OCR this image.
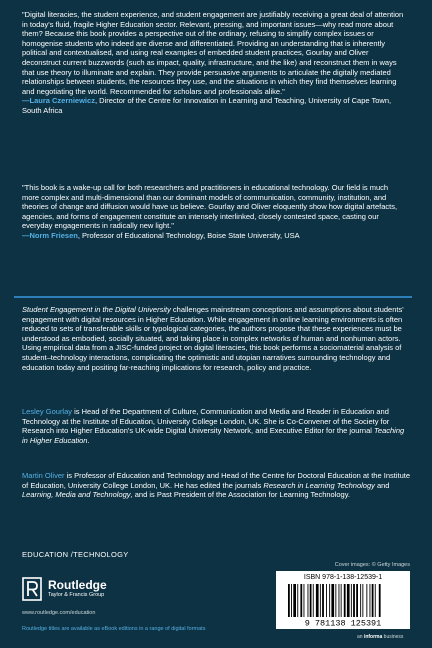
"Digital literacies, the student experience, and student engagement are justifiably receiving a great deal of attention in today's fluid, fragile Higher Education sector. Relevant, pressing, and important issues—why read more about them? Because this book provides a perspective out of the ordinary, refusing to simplify complex issues or homogenise students who indeed are diverse and differentiated. Providing an understanding that is inherently political and contextualised, and using real examples of embedded student practices, Gourlay and Oliver deconstruct current buzzwords (such as impact, quality, infrastructure, and the like) and reconstruct them in ways that use theory to illuminate and explain. They provide persuasive arguments to articulate the digitally mediated relationships between students, the resources they use, and the situations in which they find themselves learning and negotiating the world. Recommended for scholars and professionals alike."
—Laura Czerniewicz, Director of the Centre for Innovation in Learning and Teaching, University of Cape Town, South Africa

"This book is a wake-up call for both researchers and practitioners in educational technology. Our field is much more complex and multi-dimensional than our dominant models of communication, community, institution, and theories of change and diffusion would have us believe. Gourlay and Oliver eloquently show how digital artefacts, agencies, and forms of engagement constitute an intensely interlinked, closely contested space, casting our everyday engagements in radically new light."
—Norm Friesen, Professor of Educational Technology, Boise State University, USA

Student Engagement in the Digital University challenges mainstream conceptions and assumptions about students' engagement with digital resources in Higher Education. While engagement in online learning environments is often reduced to sets of transferable skills or typological categories, the authors propose that these experiences must be understood as embodied, socially situated, and taking place in complex networks of human and nonhuman actors. Using empirical data from a JISC-funded project on digital literacies, this book performs a sociomaterial analysis of student–technology interactions, complicating the optimistic and utopian narratives surrounding technology and education today and positing far-reaching implications for research, policy and practice.

Lesley Gourlay is Head of the Department of Culture, Communication and Media and Reader in Education and Technology at the Institute of Education, University College London, UK. She is Co-Convener of the Society for Research into Higher Education's UK-wide Digital University Network, and Executive Editor for the journal Teaching in Higher Education.

Martin Oliver is Professor of Education and Technology and Head of the Centre for Doctoral Education at the Institute of Education, University College London, UK. He has edited the journals Research in Learning Technology and Learning, Media and Technology, and is Past President of the Association for Learning Technology.

EDUCATION /TECHNOLOGY
Routledge
Taylor & Francis Group
www.routledge.com/education
Routledge titles are available as eBook editions in a range of digital formats
Cover images: © Getty Images
ISBN 978-1-138-12539-1
9 781138 125391
an informa business
